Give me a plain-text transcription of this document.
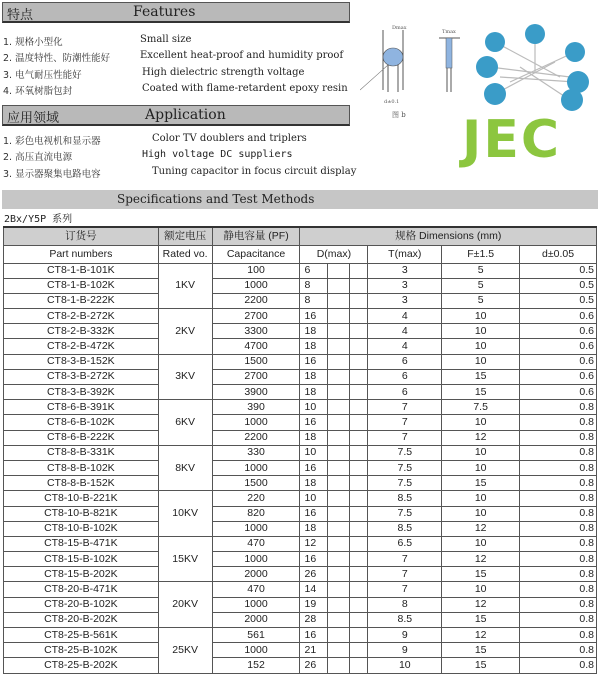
特点	Features
1. 规格小型化	Small size
2. 温度特性、防潮性能好	Excellent heat-proof and humidity proof
3. 电气耐压性能好	High dielectric strength voltage
4. 环氧树脂包封	Coated with flame-retardent epoxy resin
应用领域	Application
1. 彩色电视机和显示器	Color TV doublers and triplers
2. 高压直流电源	High voltage DC suppliers
3. 显示器聚集电路电容	Tuning capacitor in focus circuit display
Dmax
d±0.1
图 b
Tmax
JEC
Specifications and Test Methods
2Bx/Y5P 系列
订货号	额定电压	静电容量 (PF)	规格 Dimensions (mm)					
Part numbers	Rated vo.	Capacitance	D(max)			T(max)	F±1.5	d±0.05
CT8-1-B-101K	1KV	100	6			3	5	0.5
CT8-1-B-102K		1000	8			3	5	0.5
CT8-1-B-222K		2200	8			3	5	0.5
CT8-2-B-272K	2KV	2700	16			4	10	0.6
CT8-2-B-332K		3300	18			4	10	0.6
CT8-2-B-472K		4700	18			4	10	0.6
CT8-3-B-152K	3KV	1500	16			6	10	0.6
CT8-3-B-272K		2700	18			6	15	0.6
CT8-3-B-392K		3900	18			6	15	0.6
CT8-6-B-391K	6KV	390	10			7	7.5	0.8
CT8-6-B-102K		1000	16			7	10	0.8
CT8-6-B-222K		2200	18			7	12	0.8
CT8-8-B-331K	8KV	330	10			7.5	10	0.8
CT8-8-B-102K		1000	16			7.5	10	0.8
CT8-8-B-152K		1500	18			7.5	15	0.8
CT8-10-B-221K	10KV	220	10			8.5	10	0.8
CT8-10-B-821K		820	16			7.5	10	0.8
CT8-10-B-102K		1000	18			8.5	12	0.8
CT8-15-B-471K	15KV	470	12			6.5	10	0.8
CT8-15-B-102K		1000	16			7	12	0.8
CT8-15-B-202K		2000	26			7	15	0.8
CT8-20-B-471K	20KV	470	14			7	10	0.8
CT8-20-B-102K		1000	19			8	12	0.8
CT8-20-B-202K		2000	28			8.5	15	0.8
CT8-25-B-561K	25KV	561	16			9	12	0.8
CT8-25-B-102K		1000	21			9	15	0.8
CT8-25-B-202K		152	26			10	15	0.8
